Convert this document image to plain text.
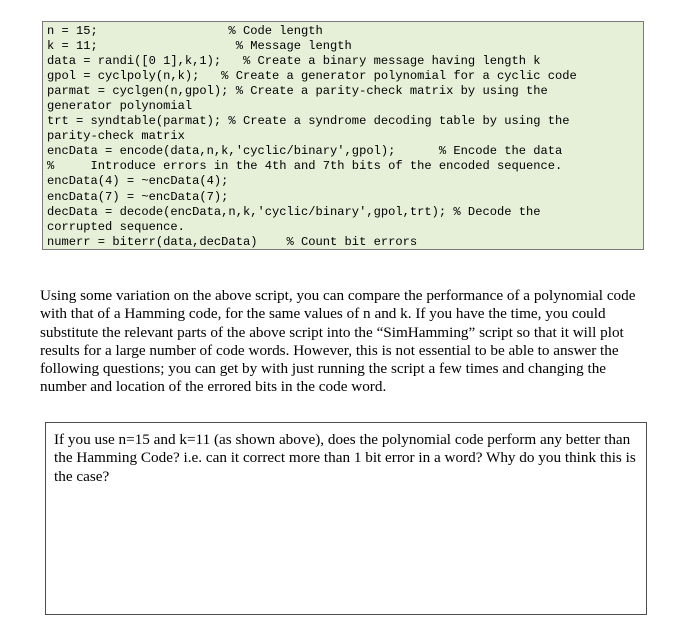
n = 15;                  % Code length
k = 11;                   % Message length
data = randi([0 1],k,1);   % Create a binary message having length k
gpol = cyclpoly(n,k);   % Create a generator polynomial for a cyclic code
parmat = cyclgen(n,gpol); % Create a parity-check matrix by using the
generator polynomial
trt = syndtable(parmat); % Create a syndrome decoding table by using the
parity-check matrix
encData = encode(data,n,k,'cyclic/binary',gpol);      % Encode the data
%     Introduce errors in the 4th and 7th bits of the encoded sequence.
encData(4) = ~encData(4);
encData(7) = ~encData(7);
decData = decode(encData,n,k,'cyclic/binary',gpol,trt); % Decode the
corrupted sequence.
numerr = biterr(data,decData)    % Count bit errors

Using some variation on the above script, you can compare the performance of a polynomial code with that of a Hamming code, for the same values of n and k. If you have the time, you could substitute the relevant parts of the above script into the “SimHamming” script so that it will plot results for a large number of code words. However, this is not essential to be able to answer the following questions; you can get by with just running the script a few times and changing the number and location of the errored bits in the code word.

If you use n=15 and k=11 (as shown above), does the polynomial code perform any better than the Hamming Code? i.e. can it correct more than 1 bit error in a word? Why do you think this is the case?
